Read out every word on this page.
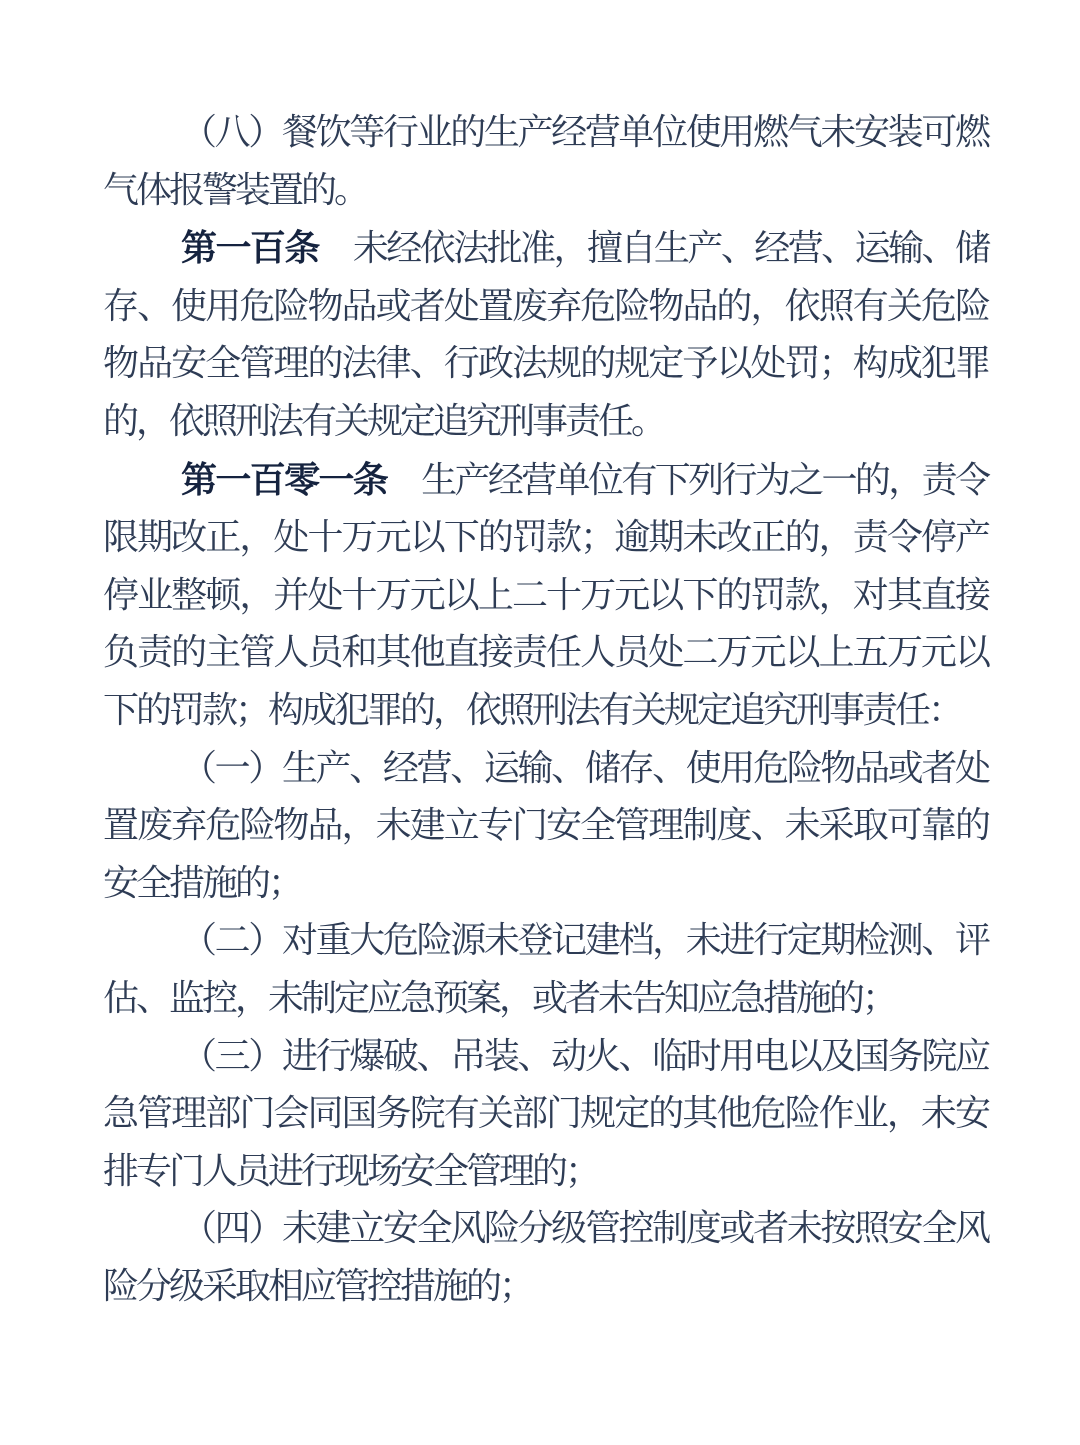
（八）餐饮等行业的生产经营单位使用燃气未安装可燃气体报警装置的。

第一百条 未经依法批准，擅自生产、经营、运输、储存、使用危险物品或者处置废弃危险物品的，依照有关危险物品安全管理的法律、行政法规的规定予以处罚；构成犯罪的，依照刑法有关规定追究刑事责任。

第一百零一条 生产经营单位有下列行为之一的，责令限期改正，处十万元以下的罚款；逾期未改正的，责令停产停业整顿，并处十万元以上二十万元以下的罚款，对其直接负责的主管人员和其他直接责任人员处二万元以上五万元以下的罚款；构成犯罪的，依照刑法有关规定追究刑事责任：

（一）生产、经营、运输、储存、使用危险物品或者处置废弃危险物品，未建立专门安全管理制度、未采取可靠的安全措施的；

（二）对重大危险源未登记建档，未进行定期检测、评估、监控，未制定应急预案，或者未告知应急措施的；

（三）进行爆破、吊装、动火、临时用电以及国务院应急管理部门会同国务院有关部门规定的其他危险作业，未安排专门人员进行现场安全管理的；

（四）未建立安全风险分级管控制度或者未按照安全风险分级采取相应管控措施的；
